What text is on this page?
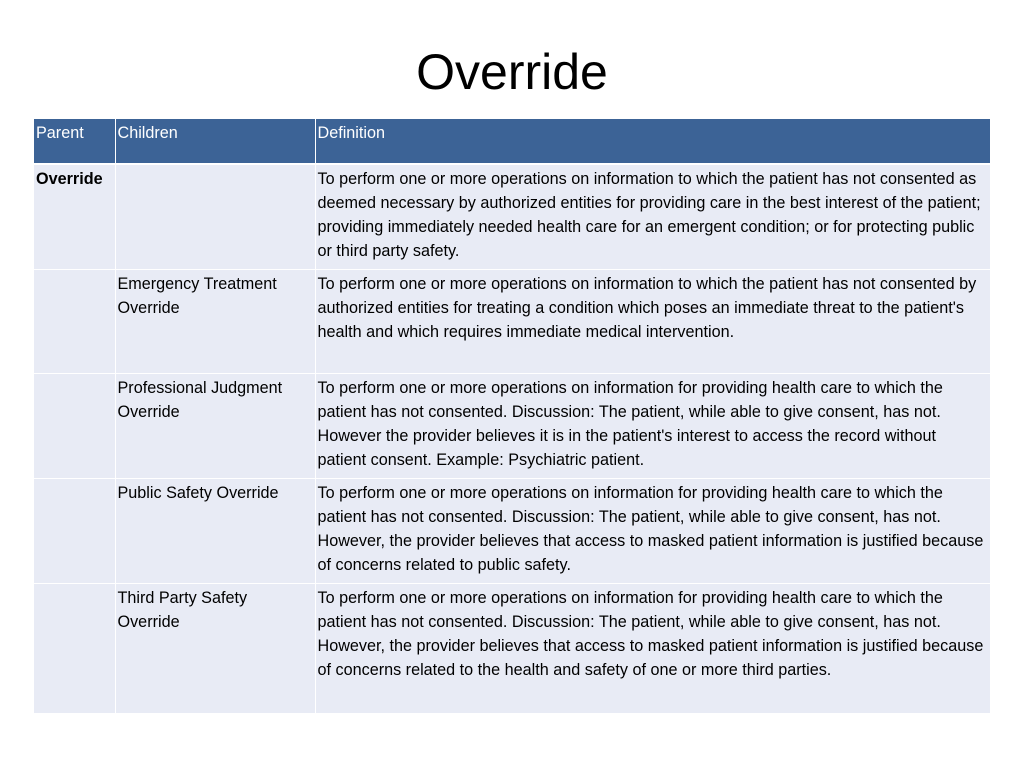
Override
Parent	Children	Definition
Override		To perform one or more operations on information to which the patient has not consented as deemed necessary by authorized entities for providing care in the best interest of the patient; providing immediately needed health care for an emergent condition; or for protecting public or third party safety.
	Emergency Treatment Override	To perform one or more operations on information to which the patient has not consented by authorized entities for treating a condition which poses an immediate threat to the patient's health and which requires immediate medical intervention.
	Professional Judgment Override	To perform one or more operations on information for providing health care to which the patient has not consented. Discussion: The patient, while able to give consent, has not. However the provider believes it is in the patient's interest to access the record without patient consent. Example: Psychiatric patient.
	Public Safety Override	To perform one or more operations on information for providing health care to which the patient has not consented. Discussion: The patient, while able to give consent, has not. However, the provider believes that access to masked patient information is justified because of concerns related to public safety.
	Third Party Safety Override	To perform one or more operations on information for providing health care to which the patient has not consented. Discussion: The patient, while able to give consent, has not. However, the provider believes that access to masked patient information is justified because of concerns related to the health and safety of one or more third parties.
